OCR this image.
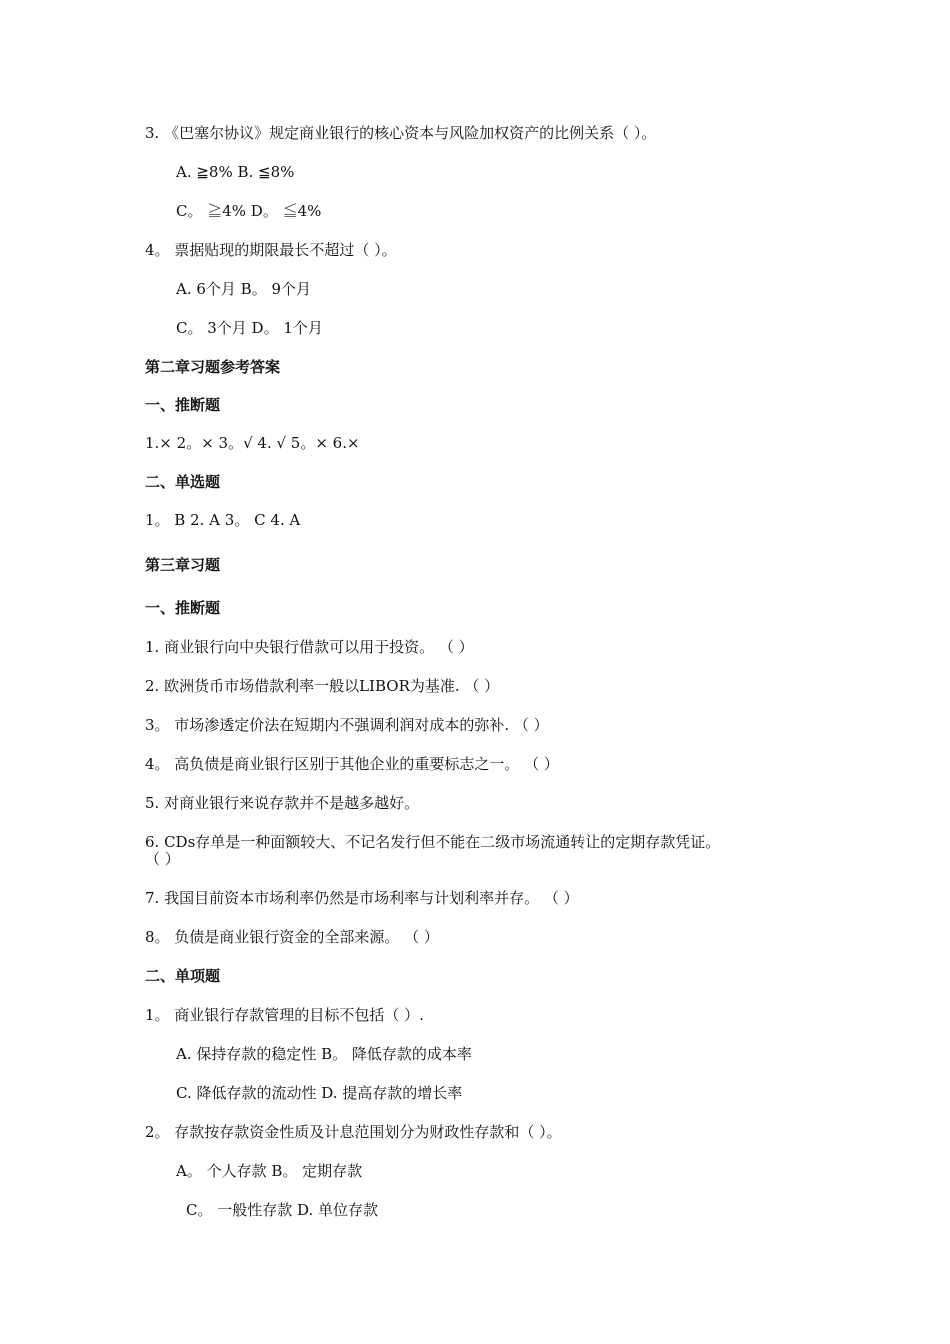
3. 《巴塞尔协议》规定商业银行的核心资本与风险加权资产的比例关系（ ）。
A. ≧8% B. ≦8%
C。 ≧4% D。 ≦4%
4。 票据贴现的期限最长不超过（ ）。
A. 6个月 B。 9个月
C。 3个月 D。 1个月
第二章习题参考答案
一、推断题
1.× 2。× 3。√ 4. √ 5。× 6.×
二、单选题
1。 B 2. A 3。 C 4. A
第三章习题
一、推断题
1. 商业银行向中央银行借款可以用于投资。 （ ）
2. 欧洲货币市场借款利率一般以LIBOR为基准. （ ）
3。 市场渗透定价法在短期内不强调利润对成本的弥补. （ ）
4。 高负债是商业银行区别于其他企业的重要标志之一。 （ ）
5. 对商业银行来说存款并不是越多越好。
6. CDs存单是一种面额较大、不记名发行但不能在二级市场流通转让的定期存款凭证。
（ ）
7. 我国目前资本市场利率仍然是市场利率与计划利率并存。 （ ）
8。 负债是商业银行资金的全部来源。 （ ）
二、单项题
1。 商业银行存款管理的目标不包括（ ）.
A. 保持存款的稳定性 B。 降低存款的成本率
C. 降低存款的流动性 D. 提高存款的增长率
2。 存款按存款资金性质及计息范围划分为财政性存款和（ ）。
A。 个人存款 B。 定期存款
C。 一般性存款 D. 单位存款
